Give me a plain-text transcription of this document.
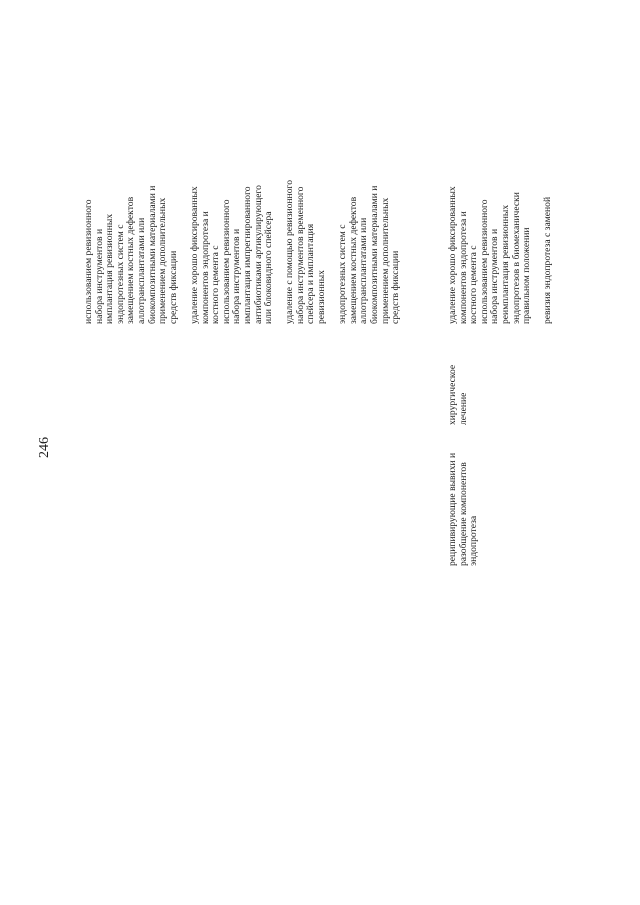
246
реципивирующие вывихи и разобщение компонентов эндопротеза
хирургическое лечение
использованием ревизионного набора инструментов и имплантация ревизионных эндопротезных систем с замещением костных дефектов аллотрансплантатами или биокомпозитными материалами и применением дополнительных средств фиксации удаление хорошо фиксированных компонентов эндопротеза и костного цемента с использованием ревизионного набора инструментов и имплантация импрегнированного антибиотиками артикулирующего или блоковидного спейсера удаление с помощью ревизионного набора инструментов временного спейсера и имплантация ревизионных эндопротезных систем с замещением костных дефектов аллотрансплантатами или биокомпозитными материалами и применением дополнительных средств фиксации	удаление хорошо фиксированных компонентов эндопротеза и костного цемента с использованием ревизионного набора инструментов и реимплантация ревизионных эндопротезов в биомеханически правильном положении ревизия эндопротеза с заменой
